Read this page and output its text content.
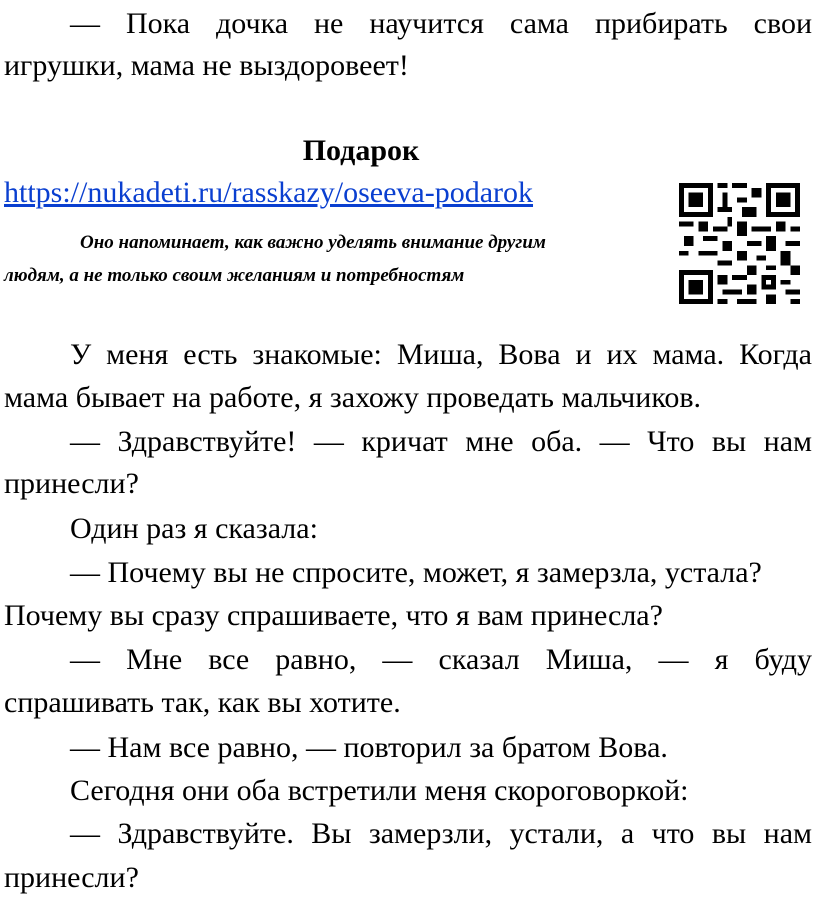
— Пока дочка не научится сама прибирать свои
игрушки, мама не выздоровеет!
Подарок
https://nukadeti.ru/rasskazy/oseeva-podarok
Оно напоминает, как важно уделять внимание другим
людям, а не только своим желаниям и потребностям
У меня есть знакомые: Миша, Вова и их мама. Когда
мама бывает на работе, я захожу проведать мальчиков.
— Здравствуйте! — кричат мне оба. — Что вы нам
принесли?
Один раз я сказала:
— Почему вы не спросите, может, я замерзла, устала?
Почему вы сразу спрашиваете, что я вам принесла?
— Мне все равно, — сказал Миша, — я буду
спрашивать так, как вы хотите.
— Нам все равно, — повторил за братом Вова.
Сегодня они оба встретили меня скороговоркой:
— Здравствуйте. Вы замерзли, устали, а что вы нам
принесли?
